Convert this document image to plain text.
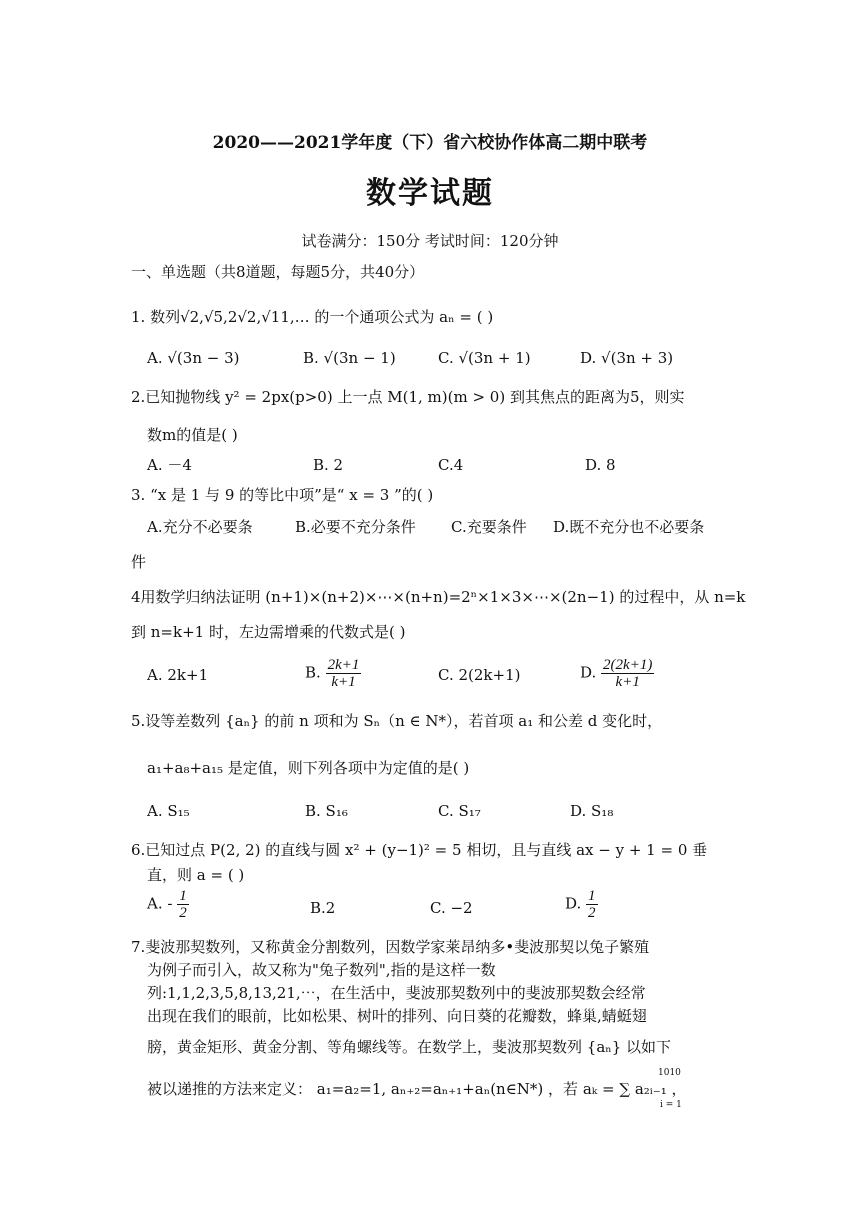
2020——2021学年度（下）省六校协作体高二期中联考
数学试题
试卷满分：150分 考试时间：120分钟
一、单选题（共8道题，每题5分，共40分）
1. 数列√2,√5,2√2,√11,… 的一个通项公式为 aₙ = ( )
A. √(3n − 3)	B. √(3n − 1)	C. √(3n + 1)	D. √(3n + 3)
2.已知抛物线 y² = 2px(p>0) 上一点 M(1, m)(m > 0) 到其焦点的距离为5，则实
数m的值是( )
A. －4	B. 2	C.4	D. 8
3. “x 是 1 与 9 的等比中项”是“ x = 3 ”的( )
A.充分不必要条	B.必要不充分条件 C.充要条件 D.既不充分也不必要条
件
4用数学归纳法证明 (n+1)×(n+2)×⋯×(n+n)=2ⁿ×1×3×⋯×(2n−1) 的过程中，从 n=k
到 n=k+1 时，左边需增乘的代数式是( )
A. 2k+1	B. $\frac{2k+1}{k+1}$	C. 2(2k+1)	D. $\frac{2(2k+1)}{k+1}$
5.设等差数列 {aₙ} 的前 n 项和为 Sₙ（n ∈ N*），若首项 a₁ 和公差 d 变化时，
a₁+a₈+a₁₅ 是定值，则下列各项中为定值的是( )
A. S₁₅	B. S₁₆	C. S₁₇	D. S₁₈
6.已知过点 P(2, 2) 的直线与圆 x² + (y−1)² = 5 相切，且与直线 ax − y + 1 = 0 垂
直，则 a = ( )
A. - $\frac{1}{2}$	B.2	C. −2	D. $\frac{1}{2}$
7.斐波那契数列，又称黄金分割数列，因数学家莱昂纳多•斐波那契以兔子繁殖
为例子而引入，故又称为"兔子数列",指的是这样一数
列:1,1,2,3,5,8,13,21,⋯，在生活中，斐波那契数列中的斐波那契数会经常
出现在我们的眼前，比如松果、树叶的排列、向日葵的花瓣数，蜂巢,蜻蜓翅
膀，黄金矩形、黄金分割、等角螺线等。在数学上，斐波那契数列 {aₙ} 以如下
被以递推的方法来定义： a₁=a₂=1, aₙ₊₂=aₙ₊₁+aₙ(n∈N*) ，若 aₖ = ∑ a₂ᵢ₋₁ ，
1010
i = 1
